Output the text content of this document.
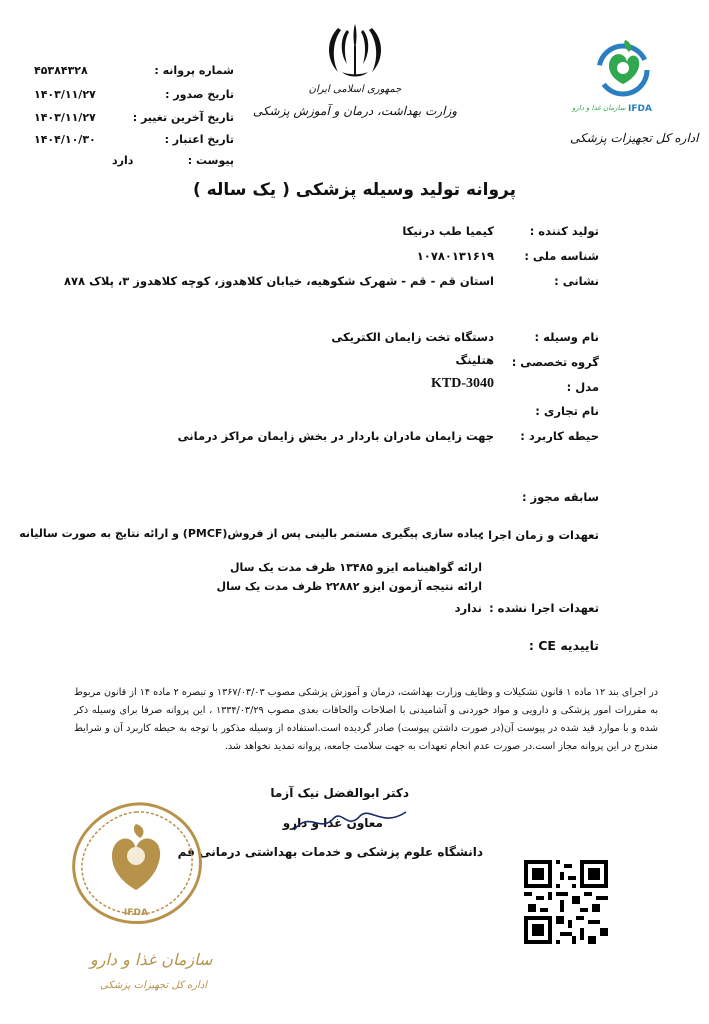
شماره پروانه :
۴۵۳۸۴۳۲۸
تاریخ صدور :
۱۴۰۳/۱۱/۲۷
تاریخ آخرین تغییر :
۱۴۰۳/۱۱/۲۷
تاریخ اعتبار :
۱۴۰۴/۱۰/۳۰
پیوست :
دارد
جمهوری اسلامی ایران
وزارت بهداشت، درمان و آموزش پزشکی	IFDA
سازمان غذا و دارو
اداره کل تجهیزات پزشکی
پروانه تولید وسیله پزشکی ( یک ساله )
تولید کننده :
کیمیا طب درنیکا
شناسه ملی :
۱۰۷۸۰۱۳۱۶۱۹
نشانی :
استان قم - قم - شهرک شکوهیه، خیابان کلاهدوز، کوچه کلاهدوز ۳، پلاک ۸۷۸
نام وسیله :
دستگاه تخت زایمان الکتریکی
گروه تخصصی :
هتلینگ
مدل :
KTD-3040
نام تجاری :
حیطه کاربرد :
جهت زایمان مادران باردار در بخش زایمان مراکز درمانی
سابقه مجوز :
تعهدات و زمان اجرا :
پیاده سازی پیگیری مستمر بالینی پس از فروش(PMCF) و ارائه نتایج به صورت سالیانه
ارائه گواهینامه ایزو ۱۳۴۸۵ ظرف مدت یک سال
ارائه نتیجه آزمون ایزو ۲۲۸۸۲ ظرف مدت یک سال
تعهدات اجرا نشده :
ندارد
تاییدیه CE :
در اجرای بند ۱۲ ماده ۱ قانون تشکیلات و وظایف وزارت بهداشت، درمان و آموزش پزشکی مصوب ۱۳۶۷/۰۳/۰۳ و تبصره ۲ ماده ۱۴ از قانون مربوط به مقررات امور پزشکی و دارویی و مواد خوردنی و آشامیدنی با اصلاحات والحاقات بعدی مصوب ۱۳۳۴/۰۳/۲۹ ، این پروانه صرفا برای وسیله ذکر شده و با موارد قید شده در پیوست آن(در صورت داشتن پیوست) صادر گردیده است.استفاده از وسیله مذکور با توجه به حیطه کاربرد آن و شرایط مندرج در این پروانه مجاز است.در صورت عدم انجام تعهدات به جهت سلامت جامعه، پروانه تمدید نخواهد شد.
دکتر ابوالفضل نیک آزما
معاون غذا و دارو
دانشگاه علوم پزشکی و خدمات بهداشتی درمانی قم
IFDA
سازمان غذا و دارو
اداره کل تجهیزات پزشکی
